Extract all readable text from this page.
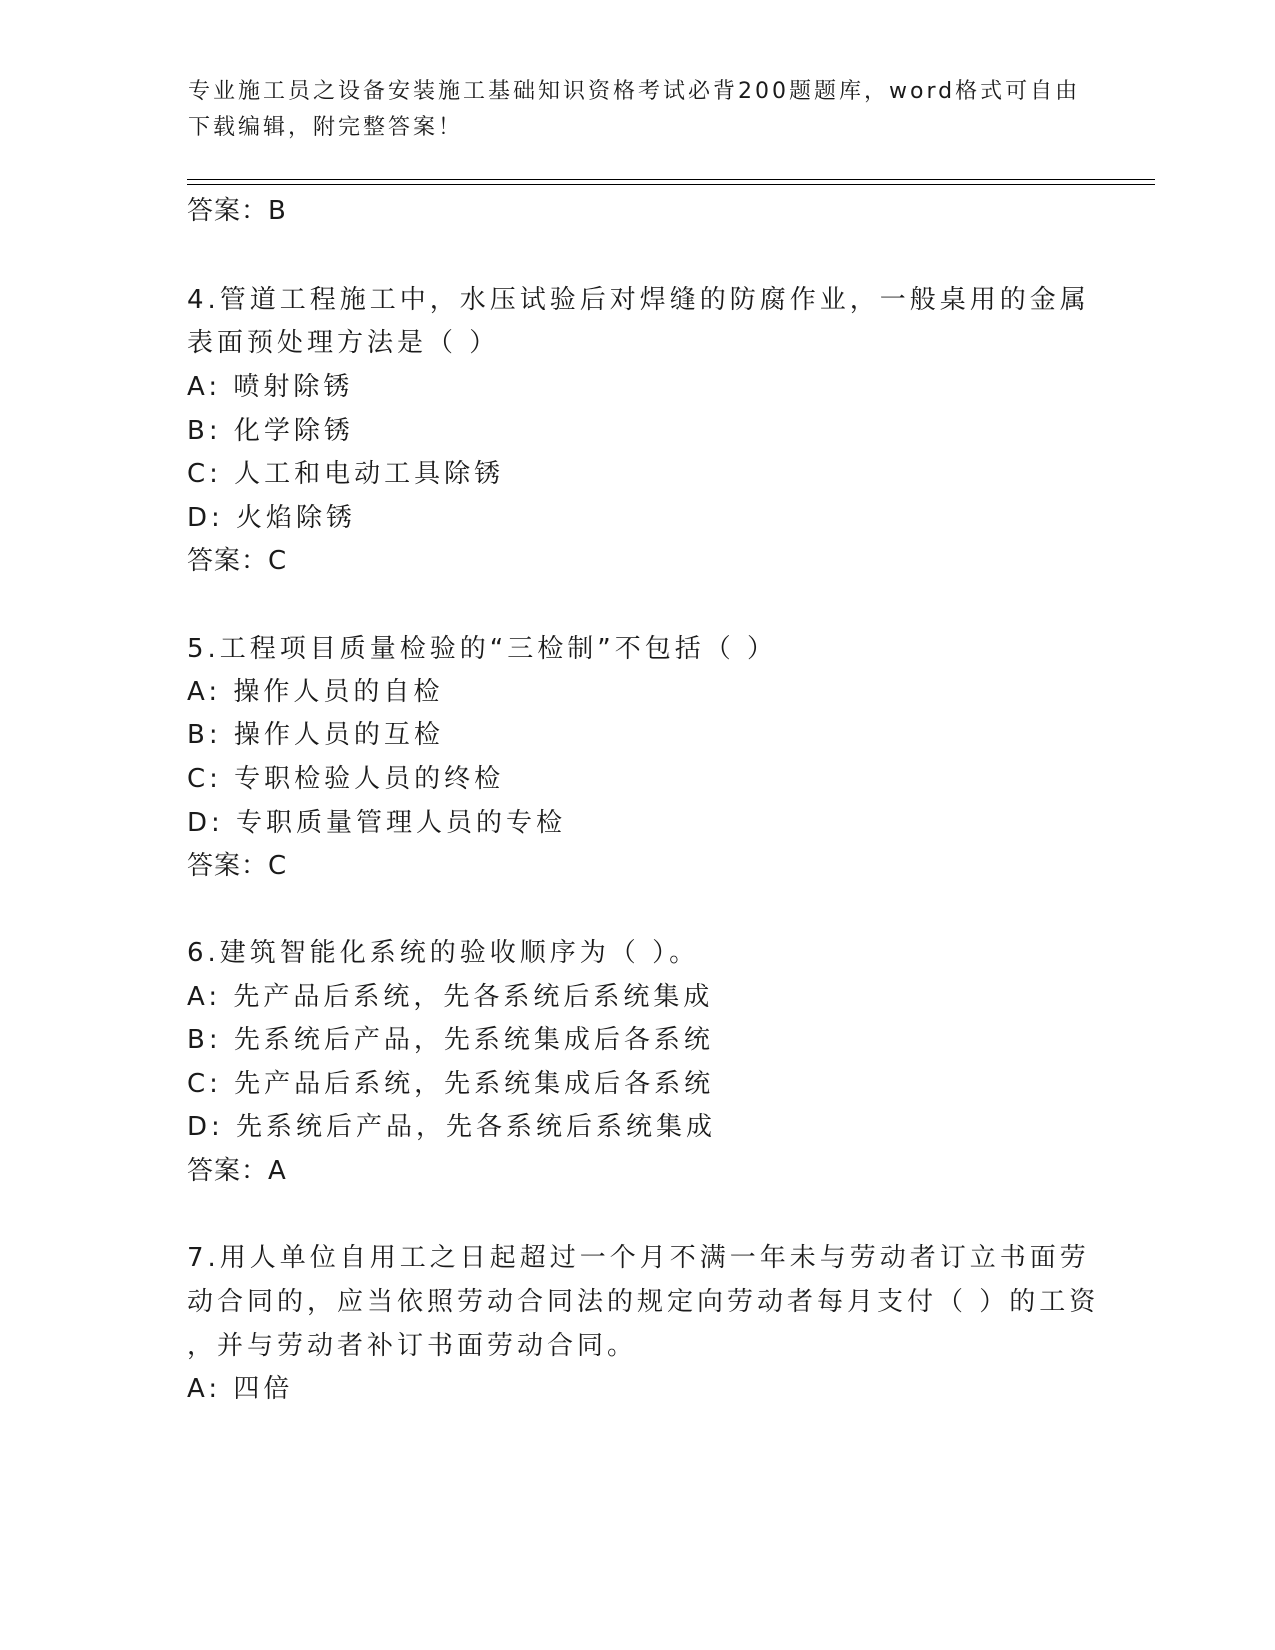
专业施工员之设备安装施工基础知识资格考试必背200题题库，word格式可自由
下载编辑，附完整答案！
答案：B
4.管道工程施工中，水压试验后对焊缝的防腐作业，一般桌用的金属
表面预处理方法是（ ）
A: 喷射除锈
B: 化学除锈
C: 人工和电动工具除锈
D: 火焰除锈
答案：C
5.工程项目质量检验的“三检制”不包括（ ）
A: 操作人员的自检
B: 操作人员的互检
C: 专职检验人员的终检
D: 专职质量管理人员的专检
答案：C
6.建筑智能化系统的验收顺序为（ ）。
A: 先产品后系统，先各系统后系统集成
B: 先系统后产品，先系统集成后各系统
C: 先产品后系统，先系统集成后各系统
D: 先系统后产品，先各系统后系统集成
答案：A
7.用人单位自用工之日起超过一个月不满一年未与劳动者订立书面劳
动合同的，应当依照劳动合同法的规定向劳动者每月支付（ ）的工资
，并与劳动者补订书面劳动合同。
A: 四倍
